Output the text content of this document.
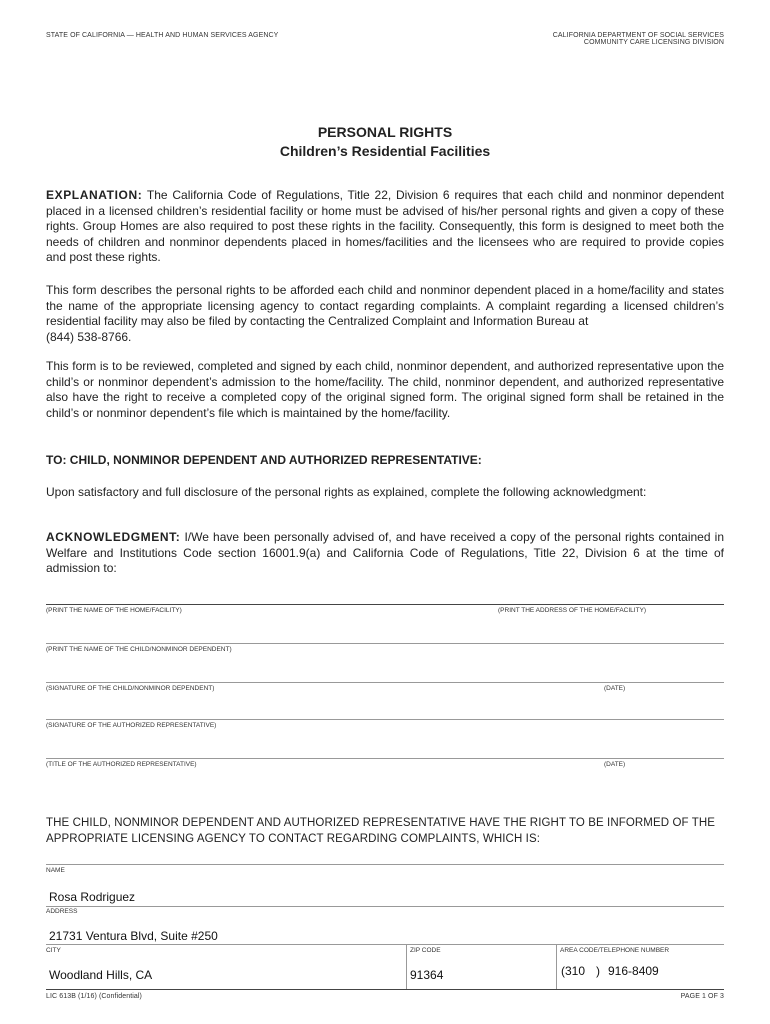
STATE OF CALIFORNIA — HEALTH AND HUMAN SERVICES AGENCY	CALIFORNIA DEPARTMENT OF SOCIAL SERVICES
COMMUNITY CARE LICENSING DIVISION
PERSONAL RIGHTS
Children’s Residential Facilities

EXPLANATION: The California Code of Regulations, Title 22, Division 6 requires that each child and nonminor dependent placed in a licensed children’s residential facility or home must be advised of his/her personal rights and given a copy of these rights. Group Homes are also required to post these rights in the facility. Consequently, this form is designed to meet both the needs of children and nonminor dependents placed in homes/facilities and the licensees who are required to provide copies and post these rights.

This form describes the personal rights to be afforded each child and nonminor dependent placed in a home/facility and states the name of the appropriate licensing agency to contact regarding complaints. A complaint regarding a licensed children’s residential facility may also be filed by contacting the Centralized Complaint and Information Bureau at

(844) 538-8766.

This form is to be reviewed, completed and signed by each child, nonminor dependent, and authorized representative upon the child’s or nonminor dependent’s admission to the home/facility. The child, nonminor dependent, and authorized representative also have the right to receive a completed copy of the original signed form. The original signed form shall be retained in the child’s or nonminor dependent’s file which is maintained by the home/facility.

TO: CHILD, NONMINOR DEPENDENT AND AUTHORIZED REPRESENTATIVE:
Upon satisfactory and full disclosure of the personal rights as explained, complete the following acknowledgment:

ACKNOWLEDGMENT: I/We have been personally advised of, and have received a copy of the personal rights contained in Welfare and Institutions Code section 16001.9(a) and California Code of Regulations, Title 22, Division 6 at the time of admission to:

(PRINT THE NAME OF THE HOME/FACILITY)	(PRINT THE ADDRESS OF THE HOME/FACILITY)
(PRINT THE NAME OF THE CHILD/NONMINOR DEPENDENT)
(SIGNATURE OF THE CHILD/NONMINOR DEPENDENT)	(DATE)
(SIGNATURE OF THE AUTHORIZED REPRESENTATIVE)
(TITLE OF THE AUTHORIZED REPRESENTATIVE)	(DATE)
THE CHILD, NONMINOR DEPENDENT AND AUTHORIZED REPRESENTATIVE HAVE THE RIGHT TO BE INFORMED OF THE APPROPRIATE LICENSING AGENCY TO CONTACT REGARDING COMPLAINTS, WHICH IS:
NAME
Rosa Rodriguez
ADDRESS
21731 Ventura Blvd, Suite #250
CITY	ZIP CODE	AREA CODE/TELEPHONE NUMBER
Woodland Hills, CA	91364	(310 ) 916-8409
LIC 613B (1/16) (Confidential)	PAGE 1 OF 3
